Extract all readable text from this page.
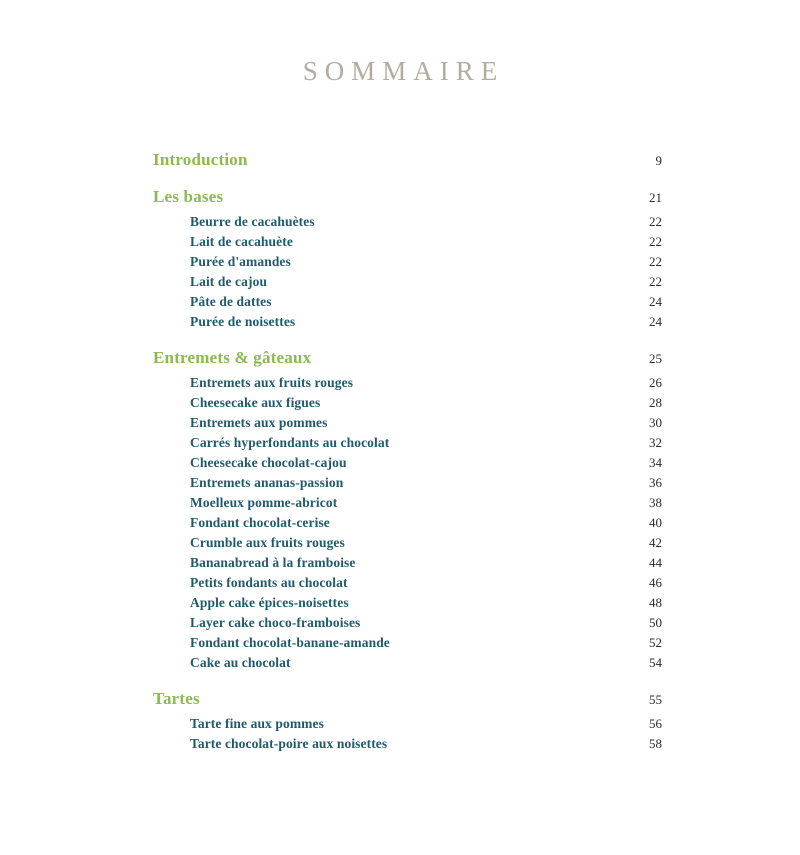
SOMMAIRE
Introduction	9
Les bases	21
Beurre de cacahuètes	22
Lait de cacahuète	22
Purée d'amandes	22
Lait de cajou	22
Pâte de dattes	24
Purée de noisettes	24
Entremets & gâteaux	25
Entremets aux fruits rouges	26
Cheesecake aux figues	28
Entremets aux pommes	30
Carrés hyperfondants au chocolat	32
Cheesecake chocolat-cajou	34
Entremets ananas-passion	36
Moelleux pomme-abricot	38
Fondant chocolat-cerise	40
Crumble aux fruits rouges	42
Bananabread à la framboise	44
Petits fondants au chocolat	46
Apple cake épices-noisettes	48
Layer cake choco-framboises	50
Fondant chocolat-banane-amande	52
Cake au chocolat	54
Tartes	55
Tarte fine aux pommes	56
Tarte chocolat-poire aux noisettes	58
